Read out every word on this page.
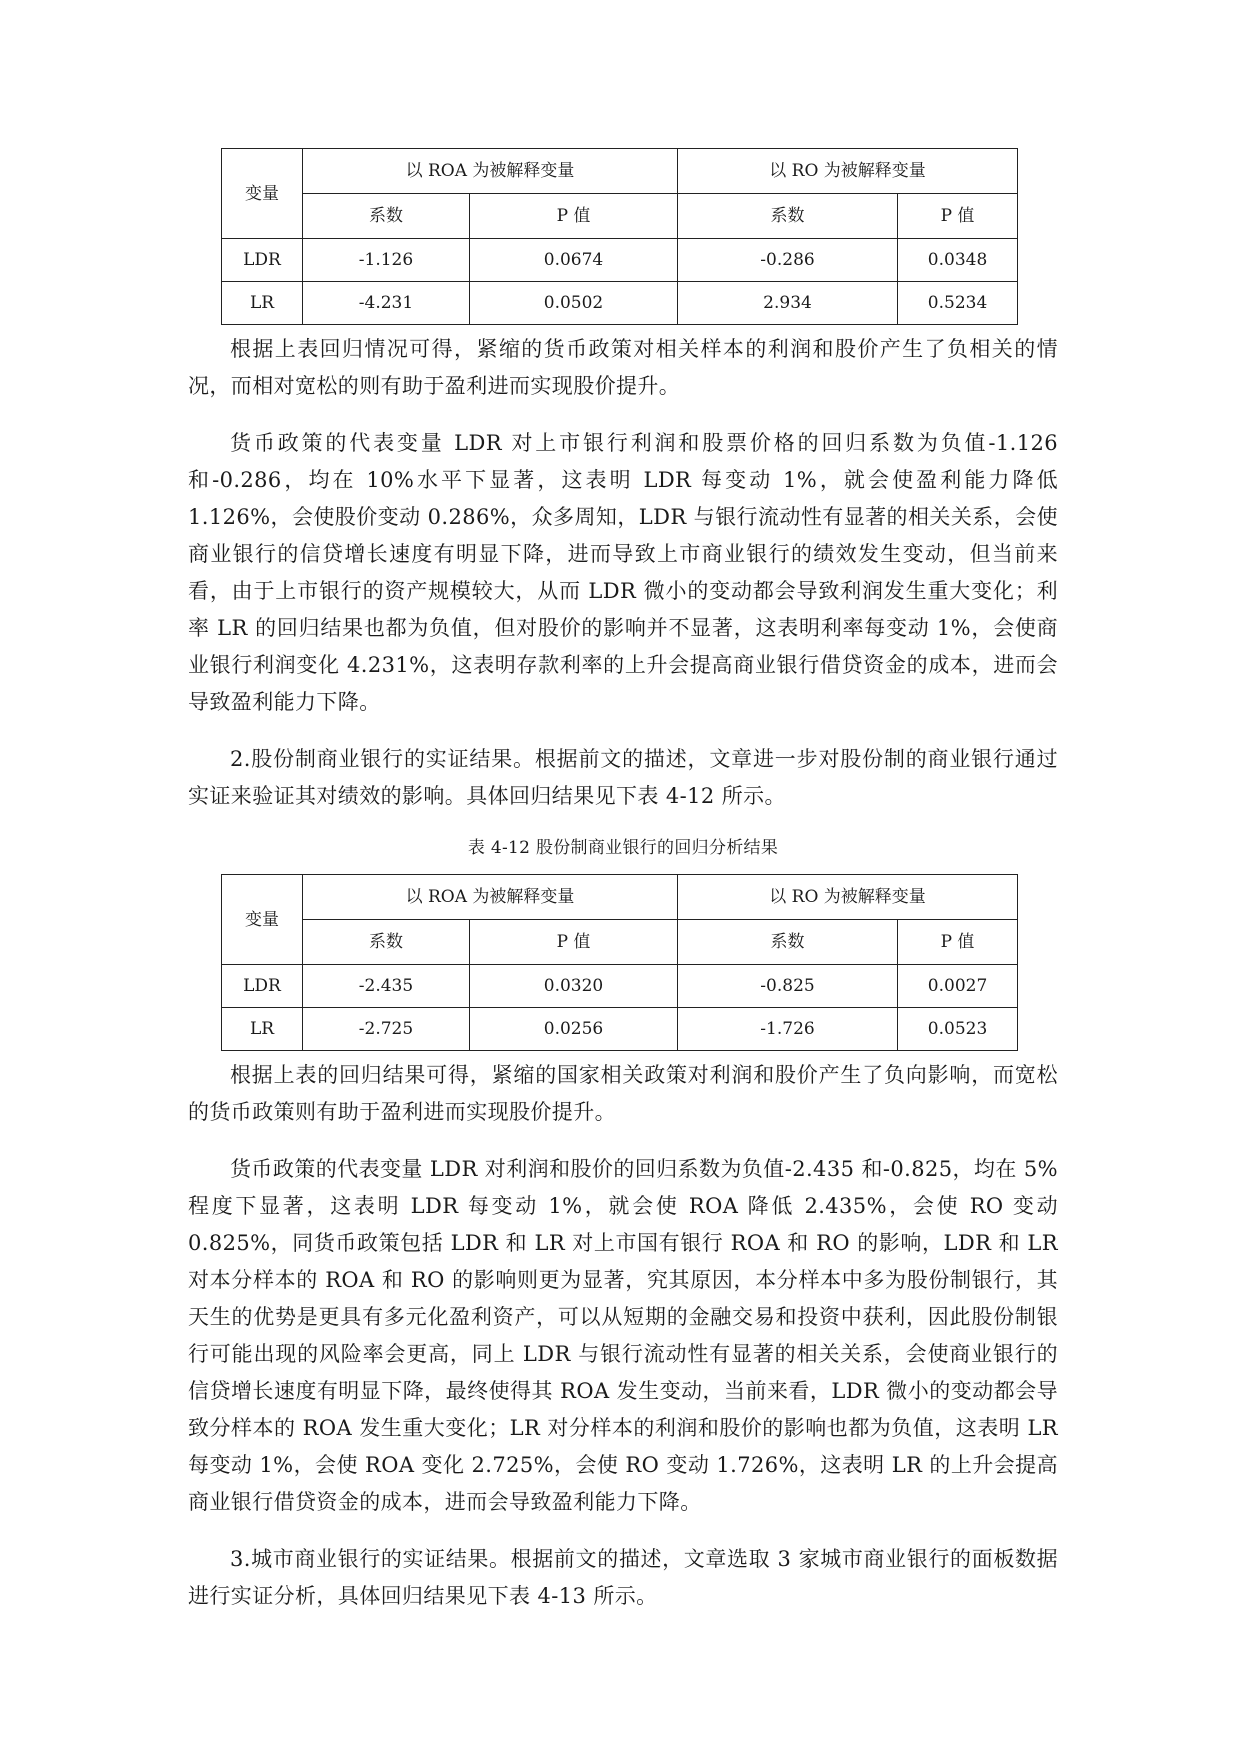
变量	以 ROA 为被解释变量		以 RO 为被解释变量	
	系数	P 值	系数	P 值
LDR	-1.126	0.0674	-0.286	0.0348
LR	-4.231	0.0502	2.934	0.5234

根据上表回归情况可得，紧缩的货币政策对相关样本的利润和股价产生了负相关的情况，而相对宽松的则有助于盈利进而实现股价提升。

货币政策的代表变量 LDR 对上市银行利润和股票价格的回归系数为负值-1.126 和-0.286，均在 10%水平下显著，这表明 LDR 每变动 1%，就会使盈利能力降低 1.126%，会使股价变动 0.286%，众多周知，LDR 与银行流动性有显著的相关关系，会使商业银行的信贷增长速度有明显下降，进而导致上市商业银行的绩效发生变动，但当前来看，由于上市银行的资产规模较大，从而 LDR 微小的变动都会导致利润发生重大变化；利率 LR 的回归结果也都为负值，但对股价的影响并不显著，这表明利率每变动 1%，会使商业银行利润变化 4.231%，这表明存款利率的上升会提高商业银行借贷资金的成本，进而会导致盈利能力下降。

2.股份制商业银行的实证结果。根据前文的描述，文章进一步对股份制的商业银行通过实证来验证其对绩效的影响。具体回归结果见下表 4-12 所示。

表 4-12 股份制商业银行的回归分析结果
变量	以 ROA 为被解释变量		以 RO 为被解释变量	
	系数	P 值	系数	P 值
LDR	-2.435	0.0320	-0.825	0.0027
LR	-2.725	0.0256	-1.726	0.0523

根据上表的回归结果可得，紧缩的国家相关政策对利润和股价产生了负向影响，而宽松的货币政策则有助于盈利进而实现股价提升。

货币政策的代表变量 LDR 对利润和股价的回归系数为负值-2.435 和-0.825，均在 5%程度下显著，这表明 LDR 每变动 1%，就会使 ROA 降低 2.435%，会使 RO 变动 0.825%，同货币政策包括 LDR 和 LR 对上市国有银行 ROA 和 RO 的影响，LDR 和 LR 对本分样本的 ROA 和 RO 的影响则更为显著，究其原因，本分样本中多为股份制银行，其天生的优势是更具有多元化盈利资产，可以从短期的金融交易和投资中获利，因此股份制银行可能出现的风险率会更高，同上 LDR 与银行流动性有显著的相关关系，会使商业银行的信贷增长速度有明显下降，最终使得其 ROA 发生变动，当前来看，LDR 微小的变动都会导致分样本的 ROA 发生重大变化；LR 对分样本的利润和股价的影响也都为负值，这表明 LR 每变动 1%，会使 ROA 变化 2.725%，会使 RO 变动 1.726%，这表明 LR 的上升会提高商业银行借贷资金的成本，进而会导致盈利能力下降。

3.城市商业银行的实证结果。根据前文的描述，文章选取 3 家城市商业银行的面板数据进行实证分析，具体回归结果见下表 4-13 所示。
